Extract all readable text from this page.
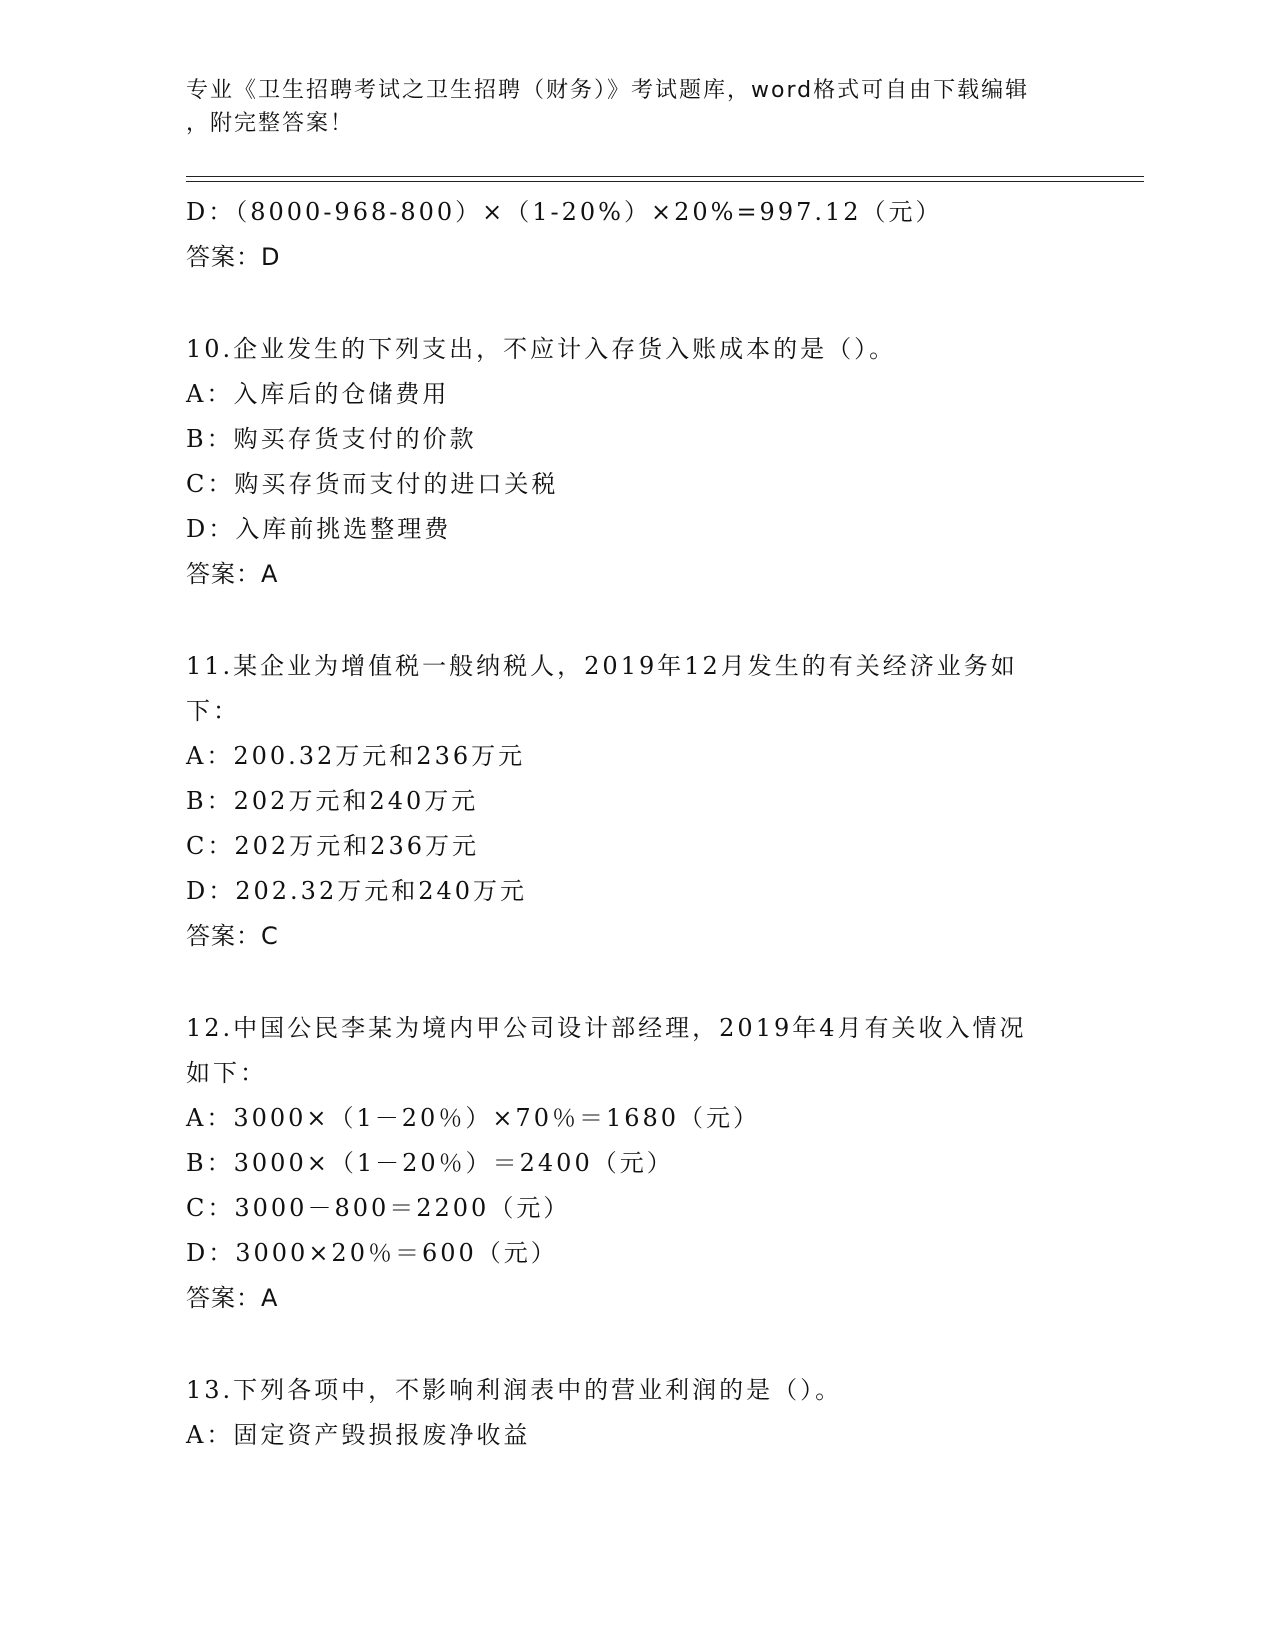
专业《卫生招聘考试之卫生招聘（财务）》考试题库，word格式可自由下载编辑
，附完整答案！
D：（8000-968-800）×（1-20%）×20%=997.12（元）
答案：D
10.企业发生的下列支出，不应计入存货入账成本的是（）。
A：入库后的仓储费用
B：购买存货支付的价款
C：购买存货而支付的进口关税
D：入库前挑选整理费
答案：A
11.某企业为增值税一般纳税人，2019年12月发生的有关经济业务如
下：
A：200.32万元和236万元
B：202万元和240万元
C：202万元和236万元
D：202.32万元和240万元
答案：C
12.中国公民李某为境内甲公司设计部经理，2019年4月有关收入情况
如下：
A：3000×（1－20％）×70％＝1680（元）
B：3000×（1－20％）＝2400（元）
C：3000－800＝2200（元）
D：3000×20％＝600（元）
答案：A
13.下列各项中，不影响利润表中的营业利润的是（）。
A：固定资产毁损报废净收益
